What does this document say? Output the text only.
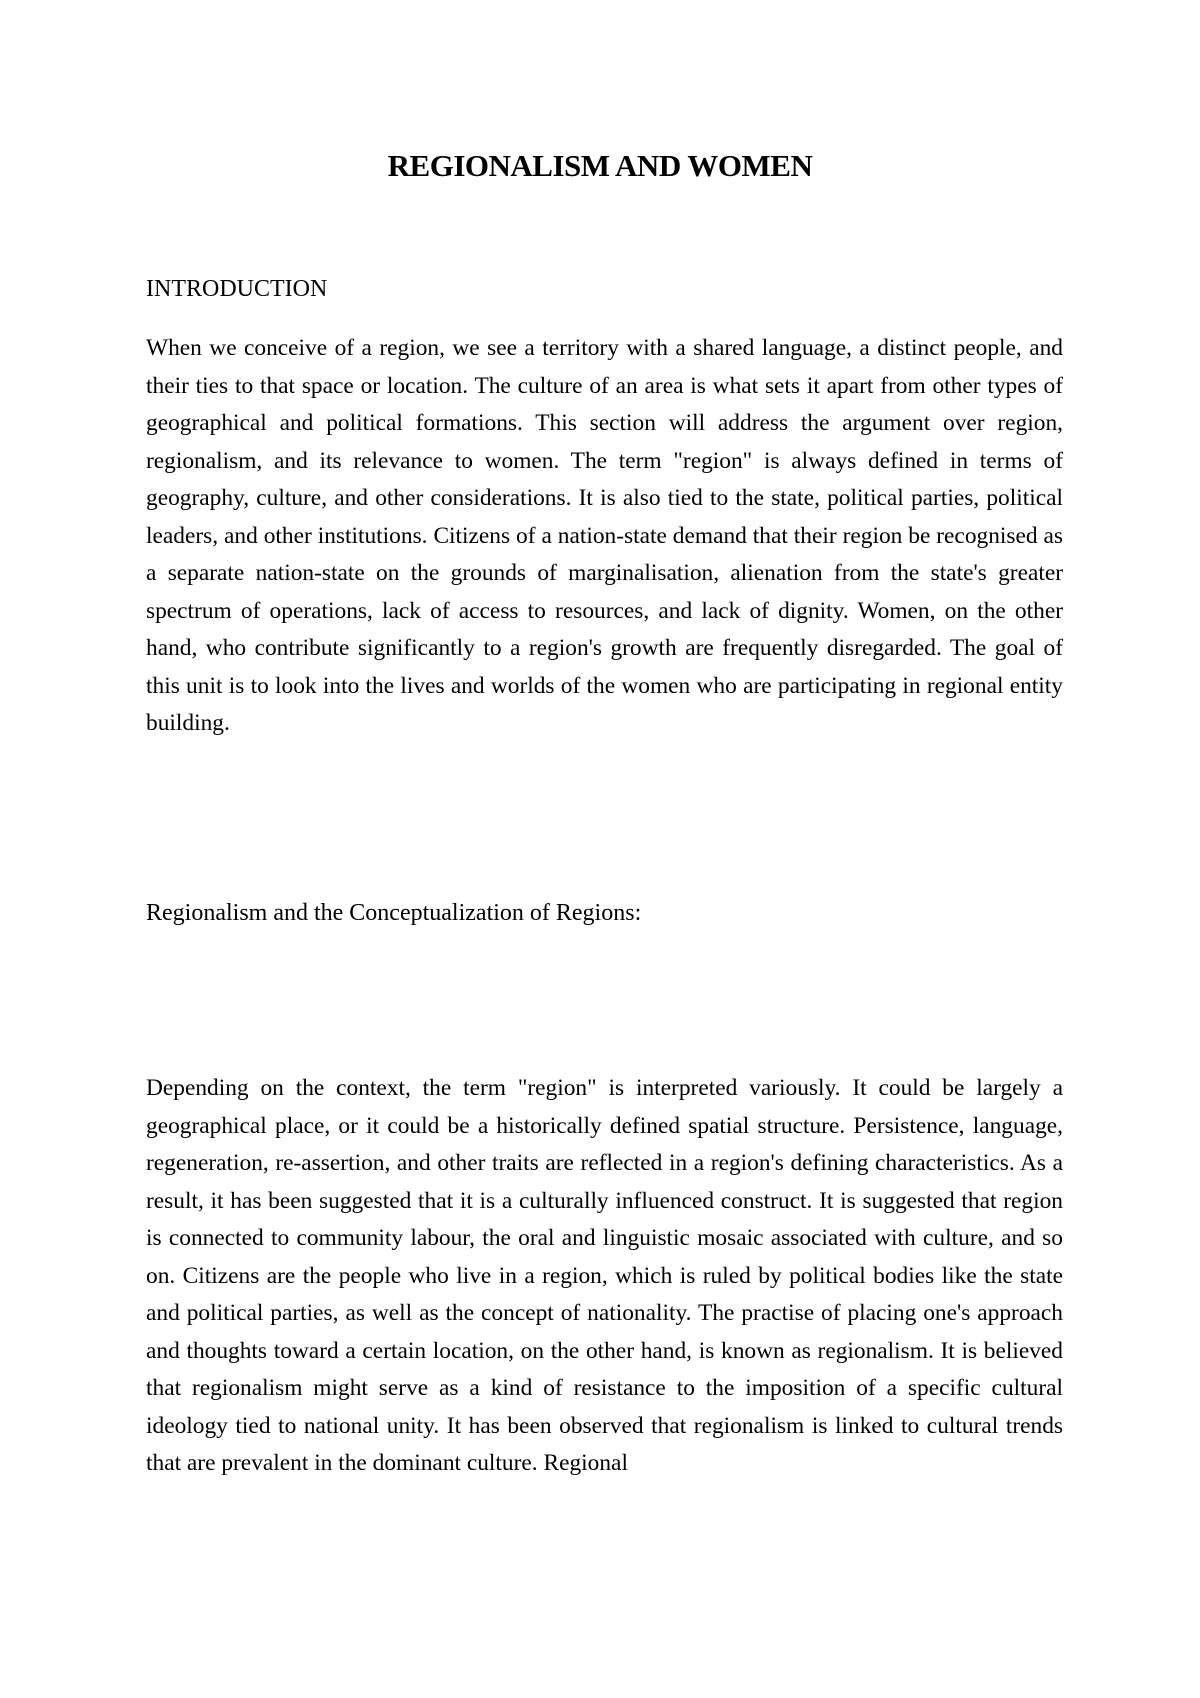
REGIONALISM AND WOMEN

INTRODUCTION

When we conceive of a region, we see a territory with a shared language, a distinct people, and their ties to that space or location. The culture of an area is what sets it apart from other types of geographical and political formations. This section will address the argument over region, regionalism, and its relevance to women. The term "region" is always defined in terms of geography, culture, and other considerations. It is also tied to the state, political parties, political leaders, and other institutions. Citizens of a nation-state demand that their region be recognised as a separate nation-state on the grounds of marginalisation, alienation from the state's greater spectrum of operations, lack of access to resources, and lack of dignity. Women, on the other hand, who contribute significantly to a region's growth are frequently disregarded. The goal of this unit is to look into the lives and worlds of the women who are participating in regional entity building.

Regionalism and the Conceptualization of Regions:

Depending on the context, the term "region" is interpreted variously. It could be largely a geographical place, or it could be a historically defined spatial structure. Persistence, language, regeneration, re-assertion, and other traits are reflected in a region's defining characteristics. As a result, it has been suggested that it is a culturally influenced construct. It is suggested that region is connected to community labour, the oral and linguistic mosaic associated with culture, and so on. Citizens are the people who live in a region, which is ruled by political bodies like the state and political parties, as well as the concept of nationality. The practise of placing one's approach and thoughts toward a certain location, on the other hand, is known as regionalism. It is believed that regionalism might serve as a kind of resistance to the imposition of a specific cultural ideology tied to national unity. It has been observed that regionalism is linked to cultural trends that are prevalent in the dominant culture. Regional
